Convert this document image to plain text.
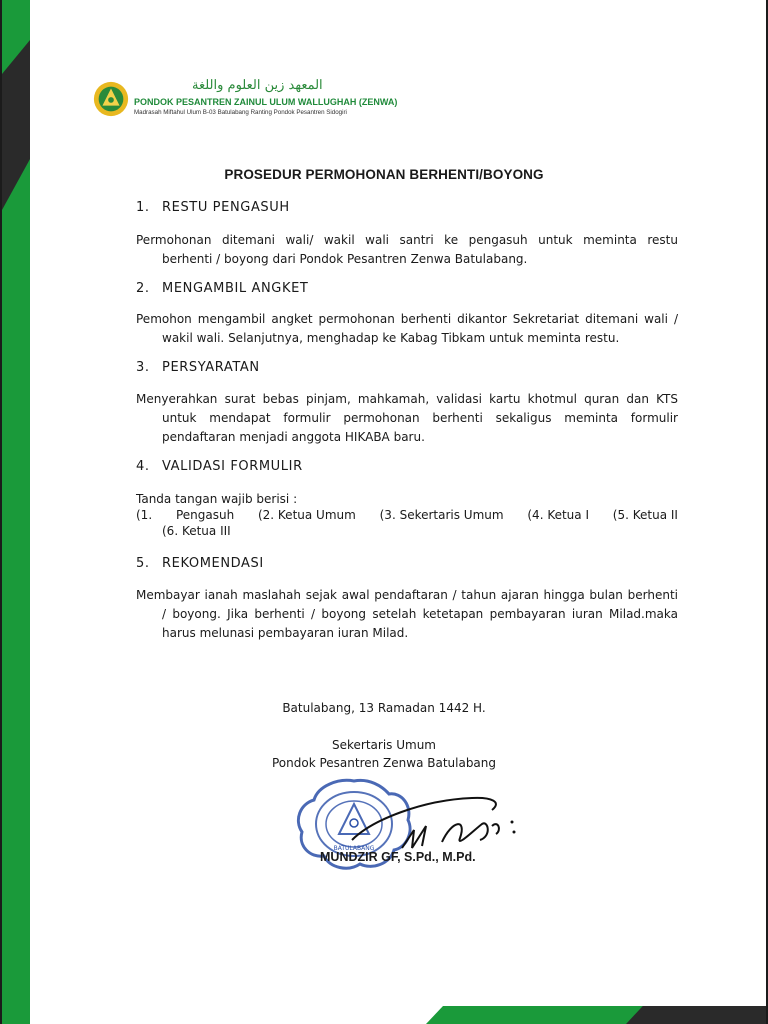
المعهد زين العلوم واللغة
PONDOK PESANTREN ZAINUL ULUM WALLUGHAH (ZENWA)
Madrasah Miftahul Ulum B-03 Batulabang Ranting Pondok Pesantren Sidogiri
PROSEDUR PERMOHONAN BERHENTI/BOYONG
1. RESTU PENGASUH
Permohonan ditemani wali/ wakil wali santri ke pengasuh untuk meminta restu
berhenti / boyong dari Pondok Pesantren Zenwa Batulabang.
2. MENGAMBIL ANGKET
Pemohon mengambil angket permohonan berhenti dikantor Sekretariat ditemani wali /
wakil wali. Selanjutnya, menghadap ke Kabag Tibkam untuk meminta restu.
3. PERSYARATAN
Menyerahkan surat bebas pinjam, mahkamah, validasi kartu khotmul quran dan KTS
untuk mendapat formulir permohonan berhenti sekaligus meminta formulir
pendaftaran menjadi anggota HIKABA baru.
4. VALIDASI FORMULIR
Tanda tangan wajib berisi :
(1. Pengasuh (2. Ketua Umum (3. Sekertaris Umum (4. Ketua I (5. Ketua II
(6. Ketua III
5. REKOMENDASI
Membayar ianah maslahah sejak awal pendaftaran / tahun ajaran hingga bulan berhenti
/ boyong. Jika berhenti / boyong setelah ketetapan pembayaran iuran Milad.maka
harus melunasi pembayaran iuran Milad.
Batulabang, 13 Ramadan 1442 H.
Sekertaris Umum
Pondok Pesantren Zenwa Batulabang
BATULABANG
MUNDZIR GF, S.Pd., M.Pd.
